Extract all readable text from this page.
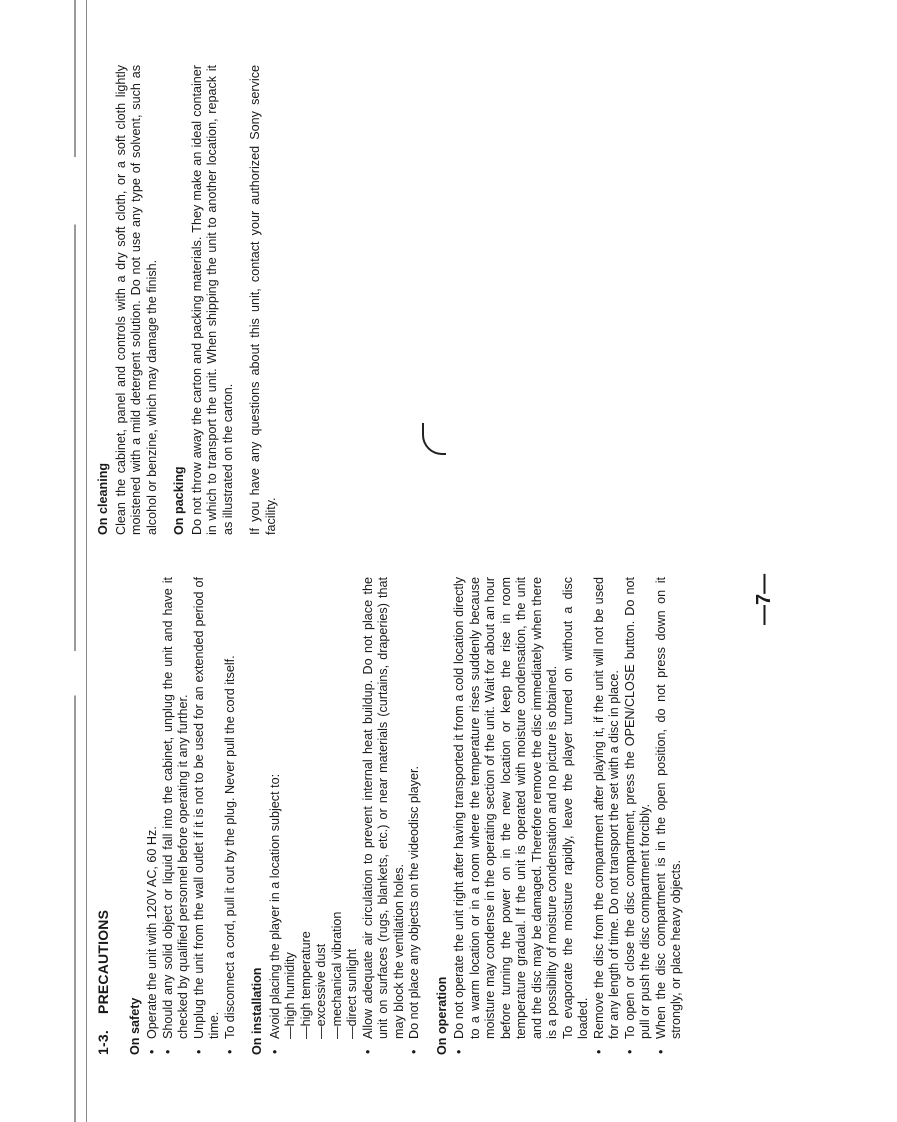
1-3. PRECAUTIONS
On safety •
Operate the unit with 120V AC, 60 Hz.
•
Should any solid object or liquid fall into the cabinet, unplug the unit and have it checked by qualified personnel before operating it any further.
•
Unplug the unit from the wall outlet if it is not to be used for an extended period of time.
•
To disconnect a cord, pull it out by the plug. Never pull the cord itself. On installation •
Avoid placing the player in a location subject to: —high humidity —high temperature —excessive dust —mechanical vibration —direct sunlight
•
Allow adequate air circulation to prevent internal heat buildup. Do not place the unit on surfaces (rugs, blankets, etc.) or near materials (curtains, draperies) that may block the ventilation holes.
•
Do not place any objects on the videodisc player. On operation •
Do not operate the unit right after having transported it from a cold location directly to a warm location or in a room where the temperature rises suddenly because moisture may condense in the operating section of the unit. Wait for about an hour before turning the power on in the new location or keep the rise in room temperature gradual. If the unit is operated with moisture condensation, the unit and the disc may be damaged. Therefore remove the disc immediately when there is a possibility of moisture condensation and no picture is obtained. To evaporate the moisture rapidly, leave the player turned on without a disc loaded.
•
Remove the disc from the compartment after playing it, if the unit will not be used for any length of time. Do not transport the set with a disc in place.
•
To open or close the disc compartment, press the OPEN/CLOSE button. Do not pull or push the disc compartment forcibly.
•
When the disc compartment is in the open position, do not press down on it strongly, or place heavy objects.
On cleaning Clean the cabinet, panel and controls with a dry soft cloth, or a soft cloth lightly moistened with a mild detergent solution. Do not use any type of solvent, such as alcohol or benzine, which may damage the finish. On packing Do not throw away the carton and packing materials. They make an ideal container in which to transport the unit. When shipping the unit to another location, repack it as illustrated on the carton. If you have any questions about this unit, contact your authorized Sony service facility.

—7—
